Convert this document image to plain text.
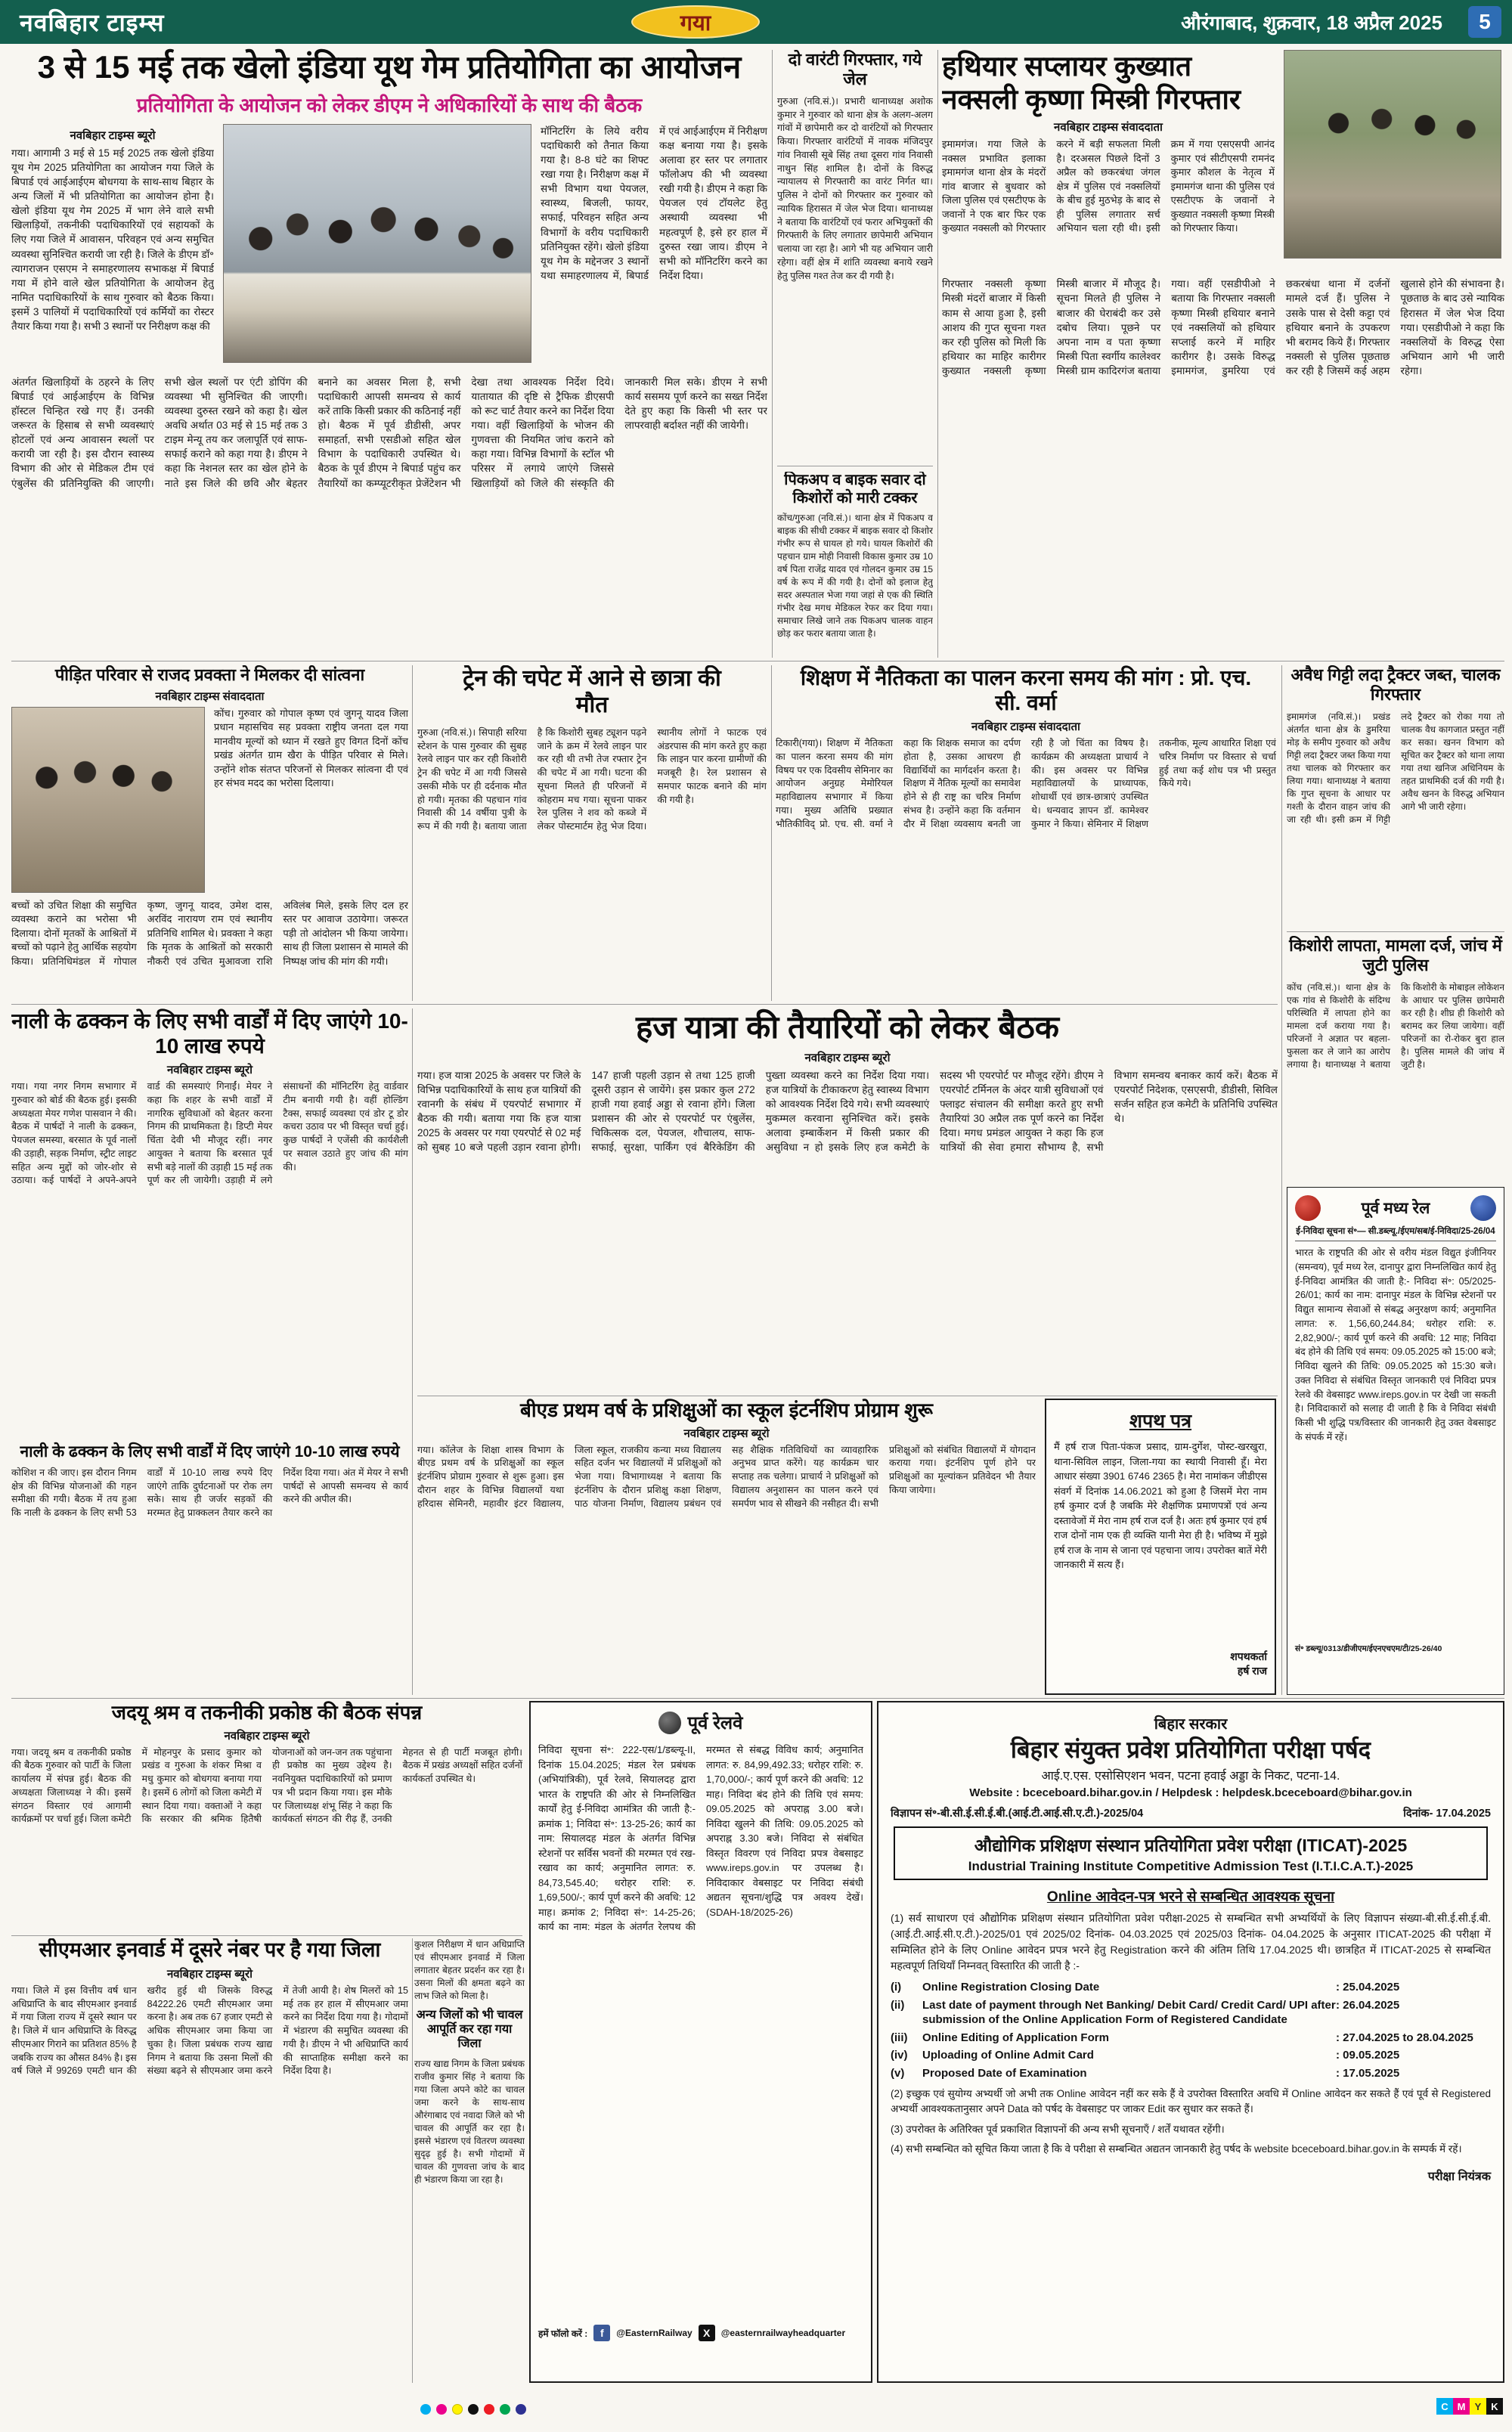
नवबिहार टाइम्स	गया	औरंगाबाद, शुक्रवार, 18 अप्रैल 2025	5
3 से 15 मई तक खेलो इंडिया यूथ गेम प्रतियोगिता का आयोजन
प्रतियोगिता के आयोजन को लेकर डीएम ने अधिकारियों के साथ की बैठक
नवबिहार टाइम्स ब्यूरो
गया। आगामी 3 मई से 15 मई 2025 तक खेलो इंडिया यूथ गेम 2025 प्रतियोगिता का आयोजन गया जिले के बिपार्ड एवं आईआईएम बोधगया के साथ-साथ बिहार के अन्य जिलों में भी प्रतियोगिता का आयोजन होना है। खेलो इंडिया यूथ गेम 2025 में भाग लेने वाले सभी खिलाड़ियों, तकनीकी पदाधिकारियों एवं सहायकों के लिए गया जिले में आवासन, परिवहन एवं अन्य समुचित व्यवस्था सुनिश्चित करायी जा रही है। जिले के डीएम डॉ॰ त्यागराजन एसएम ने समाहरणालय सभाकक्ष में बिपार्ड गया में होने वाले खेल प्रतियोगिता के आयोजन हेतु नामित पदाधिकारियों के साथ गुरुवार को बैठक किया। इसमें 3 पालियों में पदाधिकारियों एवं कर्मियों का रोस्टर तैयार किया गया है। सभी 3 स्थानों पर निरीक्षण कक्ष की
मॉनिटरिंग के लिये वरीय पदाधिकारी को तैनात किया गया है। 8-8 घंटे का शिफ्ट रखा गया है। निरीक्षण कक्ष में सभी विभाग यथा पेयजल, स्वास्थ्य, बिजली, फायर, सफाई, परिवहन सहित अन्य विभागों के वरीय पदाधिकारी प्रतिनियुक्त रहेंगे। खेलो इंडिया यूथ गेम के मद्देनजर 3 स्थानों यथा समाहरणालय में, बिपार्ड में एवं आईआईएम में निरीक्षण कक्ष बनाया गया है। इसके अलावा हर स्तर पर लगातार फॉलोअप की भी व्यवस्था रखी गयी है। डीएम ने कहा कि पेयजल एवं टॉयलेट हेतु अस्थायी व्यवस्था भी महत्वपूर्ण है, इसे हर हाल में दुरुस्त रखा जाय। डीएम ने सभी को मॉनिटरिंग करने का निर्देश दिया।
अंतर्गत खिलाड़ियों के ठहरने के लिए बिपार्ड एवं आईआईएम के विभिन्न हॉस्टल चिन्हित रखे गए हैं। उनकी जरूरत के हिसाब से सभी व्यवस्थाएं होटलों एवं अन्य आवासन स्थलों पर करायी जा रही है। इस दौरान स्वास्थ्य विभाग की ओर से मेडिकल टीम एवं एंबुलेंस की प्रतिनियुक्ति की जाएगी। सभी खेल स्थलों पर एंटी डोपिंग की व्यवस्था भी सुनिश्चित की जाएगी। व्यवस्था दुरुस्त रखने को कहा है। खेल अवधि अर्थात 03 मई से 15 मई तक 3 टाइम मेन्यू तय कर जलापूर्ति एवं साफ-सफाई कराने को कहा गया है। डीएम ने कहा कि नेशनल स्तर का खेल होने के नाते इस जिले की छवि और बेहतर बनाने का अवसर मिला है, सभी पदाधिकारी आपसी समन्वय से कार्य करें ताकि किसी प्रकार की कठिनाई नहीं हो। बैठक में पूर्व डीडीसी, अपर समाहर्ता, सभी एसडीओ सहित खेल विभाग के पदाधिकारी उपस्थित थे। बैठक के पूर्व डीएम ने बिपार्ड पहुंच कर तैयारियों का कम्प्यूटरीकृत प्रेजेंटेशन भी देखा तथा आवश्यक निर्देश दिये। यातायात की दृष्टि से ट्रैफिक डीएसपी को रूट चार्ट तैयार करने का निर्देश दिया गया। वहीं खिलाड़ियों के भोजन की गुणवत्ता की नियमित जांच कराने को कहा गया। विभिन्न विभागों के स्टॉल भी परिसर में लगाये जाएंगे जिससे खिलाड़ियों को जिले की संस्कृति की जानकारी मिल सके। डीएम ने सभी कार्य ससमय पूर्ण करने का सख्त निर्देश देते हुए कहा कि किसी भी स्तर पर लापरवाही बर्दाश्त नहीं की जायेगी।
दो वारंटी गिरफ्तार, गये जेल
गुरुआ (नवि.सं.)। प्रभारी थानाध्यक्ष अशोक कुमार ने गुरुवार को थाना क्षेत्र के अलग-अलग गांवों में छापेमारी कर दो वारंटियों को गिरफ्तार किया। गिरफ्तार वारंटियों में नावक मंजिदपुर गांव निवासी सूबे सिंह तथा दूसरा गांव निवासी नाथुन सिंह शामिल है। दोनों के विरुद्ध न्यायालय से गिरफ्तारी का वारंट निर्गत था। पुलिस ने दोनों को गिरफ्तार कर गुरुवार को न्यायिक हिरासत में जेल भेज दिया। थानाध्यक्ष ने बताया कि वारंटियों एवं फरार अभियुक्तों की गिरफ्तारी के लिए लगातार छापेमारी अभियान चलाया जा रहा है। आगे भी यह अभियान जारी रहेगा। वहीं क्षेत्र में शांति व्यवस्था बनाये रखने हेतु पुलिस गश्त तेज कर दी गयी है।
पिकअप व बाइक सवार दो किशोरों को मारी टक्कर
कोंच/गुरुआ (नवि.सं.)। थाना क्षेत्र में पिकअप व बाइक की सीधी टक्कर में बाइक सवार दो किशोर गंभीर रूप से घायल हो गये। घायल किशोरों की पहचान ग्राम मोही निवासी विकास कुमार उम्र 10 वर्ष पिता राजेंद्र यादव एवं गोलदन कुमार उम्र 15 वर्ष के रूप में की गयी है। दोनों को इलाज हेतु सदर अस्पताल भेजा गया जहां से एक की स्थिति गंभीर देख मगध मेडिकल रेफर कर दिया गया। समाचार लिखे जाने तक पिकअप चालक वाहन छोड़ कर फरार बताया जाता है।
हथियार सप्लायर कुख्यात नक्सली कृष्णा मिस्त्री गिरफ्तार
नवबिहार टाइम्स संवाददाता
इमामगंज। गया जिले के नक्सल प्रभावित इलाका इमामगंज थाना क्षेत्र के मंदरों गांव बाजार से बुधवार को जिला पुलिस एवं एसटीएफ के जवानों ने एक बार फिर एक कुख्यात नक्सली को गिरफ्तार करने में बड़ी सफलता मिली है। दरअसल पिछले दिनों 3 अप्रैल को छकरबंधा जंगल क्षेत्र में पुलिस एवं नक्सलियों के बीच हुई मुठभेड़ के बाद से ही पुलिस लगातार सर्च अभियान चला रही थी। इसी क्रम में गया एसएसपी आनंद कुमार एवं सीटीएसपी रामनंद कुमार कौशल के नेतृत्व में इमामगंज थाना की पुलिस एवं एसटीएफ के जवानों ने कुख्यात नक्सली कृष्णा मिस्त्री को गिरफ्तार किया।
गिरफ्तार नक्सली कृष्णा मिस्त्री मंदरों बाजार में किसी काम से आया हुआ है, इसी आशय की गुप्त सूचना गश्त कर रही पुलिस को मिली कि हथियार का माहिर कारीगर कुख्यात नक्सली कृष्णा मिस्त्री बाजार में मौजूद है। सूचना मिलते ही पुलिस ने बाजार की घेराबंदी कर उसे दबोच लिया। पूछने पर अपना नाम व पता कृष्णा मिस्त्री पिता स्वर्गीय कालेश्वर मिस्त्री ग्राम कादिरगंज बताया गया। वहीं एसडीपीओ ने बताया कि गिरफ्तार नक्सली कृष्णा मिस्त्री हथियार बनाने एवं नक्सलियों को हथियार सप्लाई करने में माहिर कारीगर है। उसके विरुद्ध इमामगंज, डुमरिया एवं छकरबंधा थाना में दर्जनों मामले दर्ज हैं। पुलिस ने उसके पास से देसी कट्टा एवं हथियार बनाने के उपकरण भी बरामद किये हैं। गिरफ्तार नक्सली से पुलिस पूछताछ कर रही है जिसमें कई अहम खुलासे होने की संभावना है। पूछताछ के बाद उसे न्यायिक हिरासत में जेल भेज दिया गया। एसडीपीओ ने कहा कि नक्सलियों के विरुद्ध ऐसा अभियान आगे भी जारी रहेगा।
पीड़ित परिवार से राजद प्रवक्ता ने मिलकर दी सांत्वना
नवबिहार टाइम्स संवाददाता
कोंच। गुरुवार को गोपाल कृष्ण एवं जुगनू यादव जिला प्रधान महासचिव सह प्रवक्ता राष्ट्रीय जनता दल गया मानवीय मूल्यों को ध्यान में रखते हुए विगत दिनों कोंच प्रखंड अंतर्गत ग्राम खैरा के पीड़ित परिवार से मिले। उन्होंने शोक संतप्त परिजनों से मिलकर सांत्वना दी एवं हर संभव मदद का भरोसा दिलाया।
बच्चों को उचित शिक्षा की समुचित व्यवस्था कराने का भरोसा भी दिलाया। दोनों मृतकों के आश्रितों में बच्चों को पढ़ाने हेतु आर्थिक सहयोग किया। प्रतिनिधिमंडल में गोपाल कृष्ण, जुगनू यादव, उमेश दास, अरविंद नारायण राम एवं स्थानीय प्रतिनिधि शामिल थे। प्रवक्ता ने कहा कि मृतक के आश्रितों को सरकारी नौकरी एवं उचित मुआवजा राशि अविलंब मिले, इसके लिए दल हर स्तर पर आवाज उठायेगा। जरूरत पड़ी तो आंदोलन भी किया जायेगा। साथ ही जिला प्रशासन से मामले की निष्पक्ष जांच की मांग की गयी।
ट्रेन की चपेट में आने से छात्रा की मौत
गुरुआ (नवि.सं.)। सिपाही सरिया स्टेशन के पास गुरुवार की सुबह रेलवे लाइन पार कर रही किशोरी ट्रेन की चपेट में आ गयी जिससे उसकी मौके पर ही दर्दनाक मौत हो गयी। मृतका की पहचान गांव निवासी की 14 वर्षीया पुत्री के रूप में की गयी है। बताया जाता है कि किशोरी सुबह ट्यूशन पढ़ने जाने के क्रम में रेलवे लाइन पार कर रही थी तभी तेज रफ्तार ट्रेन की चपेट में आ गयी। घटना की सूचना मिलते ही परिजनों में कोहराम मच गया। सूचना पाकर रेल पुलिस ने शव को कब्जे में लेकर पोस्टमार्टम हेतु भेज दिया। स्थानीय लोगों ने फाटक एवं अंडरपास की मांग करते हुए कहा कि लाइन पार करना ग्रामीणों की मजबूरी है। रेल प्रशासन से समपार फाटक बनाने की मांग की गयी है।
शिक्षण में नैतिकता का पालन करना समय की मांग : प्रो. एच. सी. वर्मा
नवबिहार टाइम्स संवाददाता
टिकारी(गया)। शिक्षण में नैतिकता का पालन करना समय की मांग विषय पर एक दिवसीय सेमिनार का आयोजन अनुग्रह मेमोरियल महाविद्यालय सभागार में किया गया। मुख्य अतिथि प्रख्यात भौतिकीविद् प्रो. एच. सी. वर्मा ने कहा कि शिक्षक समाज का दर्पण होता है, उसका आचरण ही विद्यार्थियों का मार्गदर्शन करता है। शिक्षण में नैतिक मूल्यों का समावेश होने से ही राष्ट्र का चरित्र निर्माण संभव है। उन्होंने कहा कि वर्तमान दौर में शिक्षा व्यवसाय बनती जा रही है जो चिंता का विषय है। कार्यक्रम की अध्यक्षता प्राचार्य ने की। इस अवसर पर विभिन्न महाविद्यालयों के प्राध्यापक, शोधार्थी एवं छात्र-छात्राएं उपस्थित थे। धन्यवाद ज्ञापन डॉ. कामेश्वर कुमार ने किया। सेमिनार में शिक्षण तकनीक, मूल्य आधारित शिक्षा एवं चरित्र निर्माण पर विस्तार से चर्चा हुई तथा कई शोध पत्र भी प्रस्तुत किये गये।
अवैध गिट्टी लदा ट्रैक्टर जब्त, चालक गिरफ्तार
इमामगंज (नवि.सं.)। प्रखंड अंतर्गत थाना क्षेत्र के डुमरिया मोड़ के समीप गुरुवार को अवैध गिट्टी लदा ट्रैक्टर जब्त किया गया तथा चालक को गिरफ्तार कर लिया गया। थानाध्यक्ष ने बताया कि गुप्त सूचना के आधार पर गश्ती के दौरान वाहन जांच की जा रही थी। इसी क्रम में गिट्टी लदे ट्रैक्टर को रोका गया तो चालक वैध कागजात प्रस्तुत नहीं कर सका। खनन विभाग को सूचित कर ट्रैक्टर को थाना लाया गया तथा खनिज अधिनियम के तहत प्राथमिकी दर्ज की गयी है। अवैध खनन के विरुद्ध अभियान आगे भी जारी रहेगा।
किशोरी लापता, मामला दर्ज, जांच में जुटी पुलिस
कोंच (नवि.सं.)। थाना क्षेत्र के एक गांव से किशोरी के संदिग्ध परिस्थिति में लापता होने का मामला दर्ज कराया गया है। परिजनों ने अज्ञात पर बहला-फुसला कर ले जाने का आरोप लगाया है। थानाध्यक्ष ने बताया कि किशोरी के मोबाइल लोकेशन के आधार पर पुलिस छापेमारी कर रही है। शीघ्र ही किशोरी को बरामद कर लिया जायेगा। वहीं परिजनों का रो-रोकर बुरा हाल है। पुलिस मामले की जांच में जुटी है।
नाली के ढक्कन के लिए सभी वार्डों में दिए जाएंगे 10-10 लाख रुपये
नवबिहार टाइम्स ब्यूरो
गया। गया नगर निगम सभागार में गुरुवार को बोर्ड की बैठक हुई। इसकी अध्यक्षता मेयर गणेश पासवान ने की। बैठक में पार्षदों ने नाली के ढक्कन, पेयजल समस्या, बरसात के पूर्व नालों की उड़ाही, सड़क निर्माण, स्ट्रीट लाइट सहित अन्य मुद्दों को जोर-शोर से उठाया। कई पार्षदों ने अपने-अपने वार्ड की समस्याएं गिनाईं। मेयर ने कहा कि शहर के सभी वार्डों में नागरिक सुविधाओं को बेहतर करना निगम की प्राथमिकता है। डिप्टी मेयर चिंता देवी भी मौजूद रहीं। नगर आयुक्त ने बताया कि बरसात पूर्व सभी बड़े नालों की उड़ाही 15 मई तक पूर्ण कर ली जायेगी। उड़ाही में लगे संसाधनों की मॉनिटरिंग हेतु वार्डवार टीम बनायी गयी है। वहीं होल्डिंग टैक्स, सफाई व्यवस्था एवं डोर टू डोर कचरा उठाव पर भी विस्तृत चर्चा हुई। कुछ पार्षदों ने एजेंसी की कार्यशैली पर सवाल उठाते हुए जांच की मांग की।
नाली के ढक्कन के लिए सभी वार्डों में दिए जाएंगे 10-10 लाख रुपये
कोशिश न की जाए। इस दौरान निगम क्षेत्र की विभिन्न योजनाओं की गहन समीक्षा की गयी। बैठक में तय हुआ कि नाली के ढक्कन के लिए सभी 53 वार्डों में 10-10 लाख रुपये दिए जाएंगे ताकि दुर्घटनाओं पर रोक लग सके। साथ ही जर्जर सड़कों की मरम्मत हेतु प्राक्कलन तैयार करने का निर्देश दिया गया। अंत में मेयर ने सभी पार्षदों से आपसी समन्वय से कार्य करने की अपील की।
हज यात्रा की तैयारियों को लेकर बैठक
नवबिहार टाइम्स ब्यूरो
गया। हज यात्रा 2025 के अवसर पर जिले के विभिन्न पदाधिकारियों के साथ हज यात्रियों की रवानगी के संबंध में एयरपोर्ट सभागार में बैठक की गयी। बताया गया कि हज यात्रा 2025 के अवसर पर गया एयरपोर्ट से 02 मई को सुबह 10 बजे पहली उड़ान रवाना होगी। 147 हाजी पहली उड़ान से तथा 125 हाजी दूसरी उड़ान से जायेंगे। इस प्रकार कुल 272 हाजी गया हवाई अड्डा से रवाना होंगे। जिला प्रशासन की ओर से एयरपोर्ट पर एंबुलेंस, चिकित्सक दल, पेयजल, शौचालय, साफ-सफाई, सुरक्षा, पार्किंग एवं बैरिकेडिंग की पुख्ता व्यवस्था करने का निर्देश दिया गया। हज यात्रियों के टीकाकरण हेतु स्वास्थ्य विभाग को आवश्यक निर्देश दिये गये। सभी व्यवस्थाएं मुकम्मल करवाना सुनिश्चित करें। इसके अलावा इम्बार्केशन में किसी प्रकार की असुविधा न हो इसके लिए हज कमेटी के सदस्य भी एयरपोर्ट पर मौजूद रहेंगे। डीएम ने एयरपोर्ट टर्मिनल के अंदर यात्री सुविधाओं एवं फ्लाइट संचालन की समीक्षा करते हुए सभी तैयारियां 30 अप्रैल तक पूर्ण करने का निर्देश दिया। मगध प्रमंडल आयुक्त ने कहा कि हज यात्रियों की सेवा हमारा सौभाग्य है, सभी विभाग समन्वय बनाकर कार्य करें। बैठक में एयरपोर्ट निदेशक, एसएसपी, डीडीसी, सिविल सर्जन सहित हज कमेटी के प्रतिनिधि उपस्थित थे।
बीएड प्रथम वर्ष के प्रशिक्षुओं का स्कूल इंटर्नशिप प्रोग्राम शुरू
नवबिहार टाइम्स ब्यूरो
गया। कॉलेज के शिक्षा शास्त्र विभाग के बीएड प्रथम वर्ष के प्रशिक्षुओं का स्कूल इंटर्नशिप प्रोग्राम गुरुवार से शुरू हुआ। इस दौरान शहर के विभिन्न विद्यालयों यथा हरिदास सेमिनरी, महावीर इंटर विद्यालय, जिला स्कूल, राजकीय कन्या मध्य विद्यालय सहित दर्जन भर विद्यालयों में प्रशिक्षुओं को भेजा गया। विभागाध्यक्ष ने बताया कि इंटर्नशिप के दौरान प्रशिक्षु कक्षा शिक्षण, पाठ योजना निर्माण, विद्यालय प्रबंधन एवं सह शैक्षिक गतिविधियों का व्यावहारिक अनुभव प्राप्त करेंगे। यह कार्यक्रम चार सप्ताह तक चलेगा। प्राचार्य ने प्रशिक्षुओं को विद्यालय अनुशासन का पालन करने एवं समर्पण भाव से सीखने की नसीहत दी। सभी प्रशिक्षुओं को संबंधित विद्यालयों में योगदान कराया गया। इंटर्नशिप पूर्ण होने पर प्रशिक्षुओं का मूल्यांकन प्रतिवेदन भी तैयार किया जायेगा।
शपथ पत्र
मैं हर्ष राज पिता-पंकज प्रसाद, ग्राम-दुर्गेश, पोस्ट-खरखुरा, थाना-सिविल लाइन, जिला-गया का स्थायी निवासी हूँ। मेरा आधार संख्या 3901 6746 2365 है। मेरा नामांकन जीडीएस संवर्ग में दिनांक 14.06.2021 को हुआ है जिसमें मेरा नाम हर्ष कुमार दर्ज है जबकि मेरे शैक्षणिक प्रमाणपत्रों एवं अन्य दस्तावेजों में मेरा नाम हर्ष राज दर्ज है। अतः हर्ष कुमार एवं हर्ष राज दोनों नाम एक ही व्यक्ति यानी मेरा ही है। भविष्य में मुझे हर्ष राज के नाम से जाना एवं पहचाना जाय। उपरोक्त बातें मेरी जानकारी में सत्य हैं।
शपथकर्ता
हर्ष राज
पूर्व मध्य रेल
ई-निविदा सूचना सं॰— सी.डब्ल्यू./ईएम/सब/ई-निविदा/25-26/04
भारत के राष्ट्रपति की ओर से वरीय मंडल विद्युत इंजीनियर (समन्वय), पूर्व मध्य रेल, दानापुर द्वारा निम्नलिखित कार्य हेतु ई-निविदा आमंत्रित की जाती है:- निविदा सं॰: 05/2025-26/01; कार्य का नाम: दानापुर मंडल के विभिन्न स्टेशनों पर विद्युत सामान्य सेवाओं से संबद्ध अनुरक्षण कार्य; अनुमानित लागत: रु. 1,56,60,244.84; धरोहर राशि: रु. 2,82,900/-; कार्य पूर्ण करने की अवधि: 12 माह; निविदा बंद होने की तिथि एवं समय: 09.05.2025 को 15:00 बजे; निविदा खुलने की तिथि: 09.05.2025 को 15:30 बजे। उक्त निविदा से संबंधित विस्तृत जानकारी एवं निविदा प्रपत्र रेलवे की वेबसाइट www.ireps.gov.in पर देखी जा सकती है। निविदाकारों को सलाह दी जाती है कि वे निविदा संबंधी किसी भी शुद्धि पत्र/विस्तार की जानकारी हेतु उक्त वेबसाइट के संपर्क में रहें।
सं॰ डब्ल्यू/0313/डीजीएम/ईएनएचएम/टी/25-26/40
जदयू श्रम व तकनीकी प्रकोष्ठ की बैठक संपन्न
नवबिहार टाइम्स ब्यूरो
गया। जदयू श्रम व तकनीकी प्रकोष्ठ की बैठक गुरुवार को पार्टी के जिला कार्यालय में संपन्न हुई। बैठक की अध्यक्षता जिलाध्यक्ष ने की। इसमें संगठन विस्तार एवं आगामी कार्यक्रमों पर चर्चा हुई। जिला कमेटी में मोहनपुर के प्रसाद कुमार को प्रखंड व गुरुआ के शंकर मिश्रा व मधु कुमार को बोधगया बनाया गया है। इसमें 6 लोगों को जिला कमेटी में स्थान दिया गया। वक्ताओं ने कहा कि सरकार की श्रमिक हितैषी योजनाओं को जन-जन तक पहुंचाना ही प्रकोष्ठ का मुख्य उद्देश्य है। नवनियुक्त पदाधिकारियों को प्रमाण पत्र भी प्रदान किया गया। इस मौके पर जिलाध्यक्ष शंभू सिंह ने कहा कि कार्यकर्ता संगठन की रीढ़ हैं, उनकी मेहनत से ही पार्टी मजबूत होगी। बैठक में प्रखंड अध्यक्षों सहित दर्जनों कार्यकर्ता उपस्थित थे।
सीएमआर इनवार्ड में दूसरे नंबर पर है गया जिला
नवबिहार टाइम्स ब्यूरो
गया। जिले में इस वित्तीय वर्ष धान अधिप्राप्ति के बाद सीएमआर इनवार्ड में गया जिला राज्य में दूसरे स्थान पर है। जिले में धान अधिप्राप्ति के विरुद्ध सीएमआर गिराने का प्रतिशत 85% है जबकि राज्य का औसत 84% है। इस वर्ष जिले में 99269 एमटी धान की खरीद हुई थी जिसके विरुद्ध 84222.26 एमटी सीएमआर जमा करना है। अब तक 67 हजार एमटी से अधिक सीएमआर जमा किया जा चुका है। जिला प्रबंधक राज्य खाद्य निगम ने बताया कि उसना मिलों की संख्या बढ़ने से सीएमआर जमा करने में तेजी आयी है। शेष मिलरों को 15 मई तक हर हाल में सीएमआर जमा करने का निर्देश दिया गया है। गोदामों में भंडारण की समुचित व्यवस्था की गयी है। डीएम ने भी अधिप्राप्ति कार्य की साप्ताहिक समीक्षा करने का निर्देश दिया है।
कुशल निरीक्षण में धान अधिप्राप्ति एवं सीएमआर इनवार्ड में जिला लगातार बेहतर प्रदर्शन कर रहा है। उसना मिलों की क्षमता बढ़ने का लाभ जिले को मिला है।
अन्य जिलों को भी चावल आपूर्ति कर रहा गया जिला
राज्य खाद्य निगम के जिला प्रबंधक राजीव कुमार सिंह ने बताया कि गया जिला अपने कोटे का चावल जमा करने के साथ-साथ औरंगाबाद एवं नवादा जिले को भी चावल की आपूर्ति कर रहा है। इससे भंडारण एवं वितरण व्यवस्था सुदृढ़ हुई है। सभी गोदामों में चावल की गुणवत्ता जांच के बाद ही भंडारण किया जा रहा है।
पूर्व रेलवे
निविदा सूचना सं॰: 222-एस/1/डब्ल्यू-II, दिनांक 15.04.2025; मंडल रेल प्रबंधक (अभियांत्रिकी), पूर्व रेलवे, सियालदह द्वारा भारत के राष्ट्रपति की ओर से निम्नलिखित कार्यों हेतु ई-निविदा आमंत्रित की जाती है:- क्रमांक 1; निविदा सं॰: 13-25-26; कार्य का नाम: सियालदह मंडल के अंतर्गत विभिन्न स्टेशनों पर सर्विस भवनों की मरम्मत एवं रख-रखाव का कार्य; अनुमानित लागत: रु. 84,73,545.40; धरोहर राशि: रु. 1,69,500/-; कार्य पूर्ण करने की अवधि: 12 माह। क्रमांक 2; निविदा सं॰: 14-25-26; कार्य का नाम: मंडल के अंतर्गत रेलपथ की मरम्मत से संबद्ध विविध कार्य; अनुमानित लागत: रु. 84,99,492.33; धरोहर राशि: रु. 1,70,000/-; कार्य पूर्ण करने की अवधि: 12 माह। निविदा बंद होने की तिथि एवं समय: 09.05.2025 को अपराह्न 3.00 बजे। निविदा खुलने की तिथि: 09.05.2025 को अपराह्न 3.30 बजे। निविदा से संबंधित विस्तृत विवरण एवं निविदा प्रपत्र वेबसाइट www.ireps.gov.in पर उपलब्ध है। निविदाकार वेबसाइट पर निविदा संबंधी अद्यतन सूचना/शुद्धि पत्र अवश्य देखें। (SDAH-18/2025-26)
हमें फॉलो करें :	f	@EasternRailway	X	@easternrailwayheadquarter
बिहार सरकार
बिहार संयुक्त प्रवेश प्रतियोगिता परीक्षा पर्षद
आई.ए.एस. एसोसिएशन भवन, पटना हवाई अड्डा के निकट, पटना-14.
Website : bceceboard.bihar.gov.in / Helpdesk : helpdesk.bceceboard@bihar.gov.in
विज्ञापन सं॰-बी.सी.ई.सी.ई.बी.(आई.टी.आई.सी.ए.टी.)-2025/04	दिनांक- 17.04.2025
औद्योगिक प्रशिक्षण संस्थान प्रतियोगिता प्रवेश परीक्षा (ITICAT)-2025
Industrial Training Institute Competitive Admission Test (I.T.I.C.A.T.)-2025
Online आवेदन-पत्र भरने से सम्बन्धित आवश्यक सूचना
(1) सर्व साधारण एवं औद्योगिक प्रशिक्षण संस्थान प्रतियोगिता प्रवेश परीक्षा-2025 से सम्बन्धित सभी अभ्यर्थियों के लिए विज्ञापन संख्या-बी.सी.ई.सी.ई.बी.(आई.टी.आई.सी.ए.टी.)-2025/01 एवं 2025/02 दिनांक- 04.03.2025 एवं 2025/03 दिनांक- 04.04.2025 के अनुसार ITICAT-2025 की परीक्षा में सम्मिलित होने के लिए Online आवेदन प्रपत्र भरने हेतु Registration करने की अंतिम तिथि 17.04.2025 थी। छात्रहित में ITICAT-2025 से सम्बन्धित महत्वपूर्ण तिथियाँ निम्नवत् विस्तारित की जाती है :-
(i)	Online Registration Closing Date	: 25.04.2025
(ii)	Last date of payment through Net Banking/ Debit Card/ Credit Card/ UPI after submission of the Online Application Form of Registered Candidate
: 26.04.2025
(iii)	Online Editing of Application Form	: 27.04.2025 to 28.04.2025
(iv)	Uploading of Online Admit Card	: 09.05.2025
(v)	Proposed Date of Examination	: 17.05.2025
(2) इच्छुक एवं सुयोग्य अभ्यर्थी जो अभी तक Online आवेदन नहीं कर सके हैं वे उपरोक्त विस्तारित अवधि में Online आवेदन कर सकते हैं एवं पूर्व से Registered अभ्यर्थी आवश्यकतानुसार अपने Data को पर्षद के वेबसाइट पर जाकर Edit कर सुधार कर सकते हैं।
(3) उपरोक्त के अतिरिक्त पूर्व प्रकाशित विज्ञापनों की अन्य सभी सूचनाएँ / शर्तें यथावत रहेंगी।
(4) सभी सम्बन्धित को सूचित किया जाता है कि वे परीक्षा से सम्बन्धित अद्यतन जानकारी हेतु पर्षद के website bceceboard.bihar.gov.in के सम्पर्क में रहें।
परीक्षा नियंत्रक
C M Y K
